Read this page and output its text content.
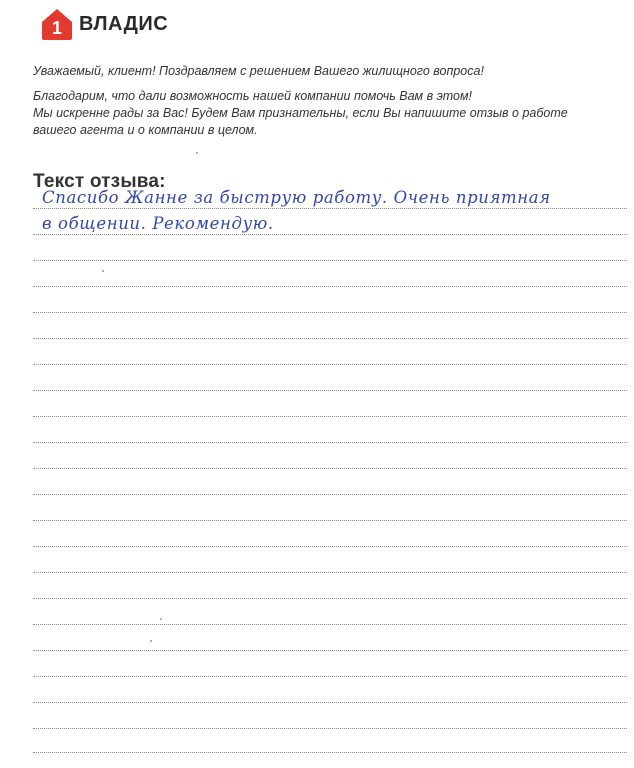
1 ВЛАДИС
Уважаемый, клиент! Поздравляем с решением Вашего жилищного вопроса!
Благодарим, что дали возможность нашей компании помочь Вам в этом!
Мы искренне рады за Вас! Будем Вам признательны, если Вы напишите отзыв о работе
вашего агента и о компании в целом.
Текст отзыва:
Спасибо Жанне за быструю работу. Очень приятная
в общении. Рекомендую.
